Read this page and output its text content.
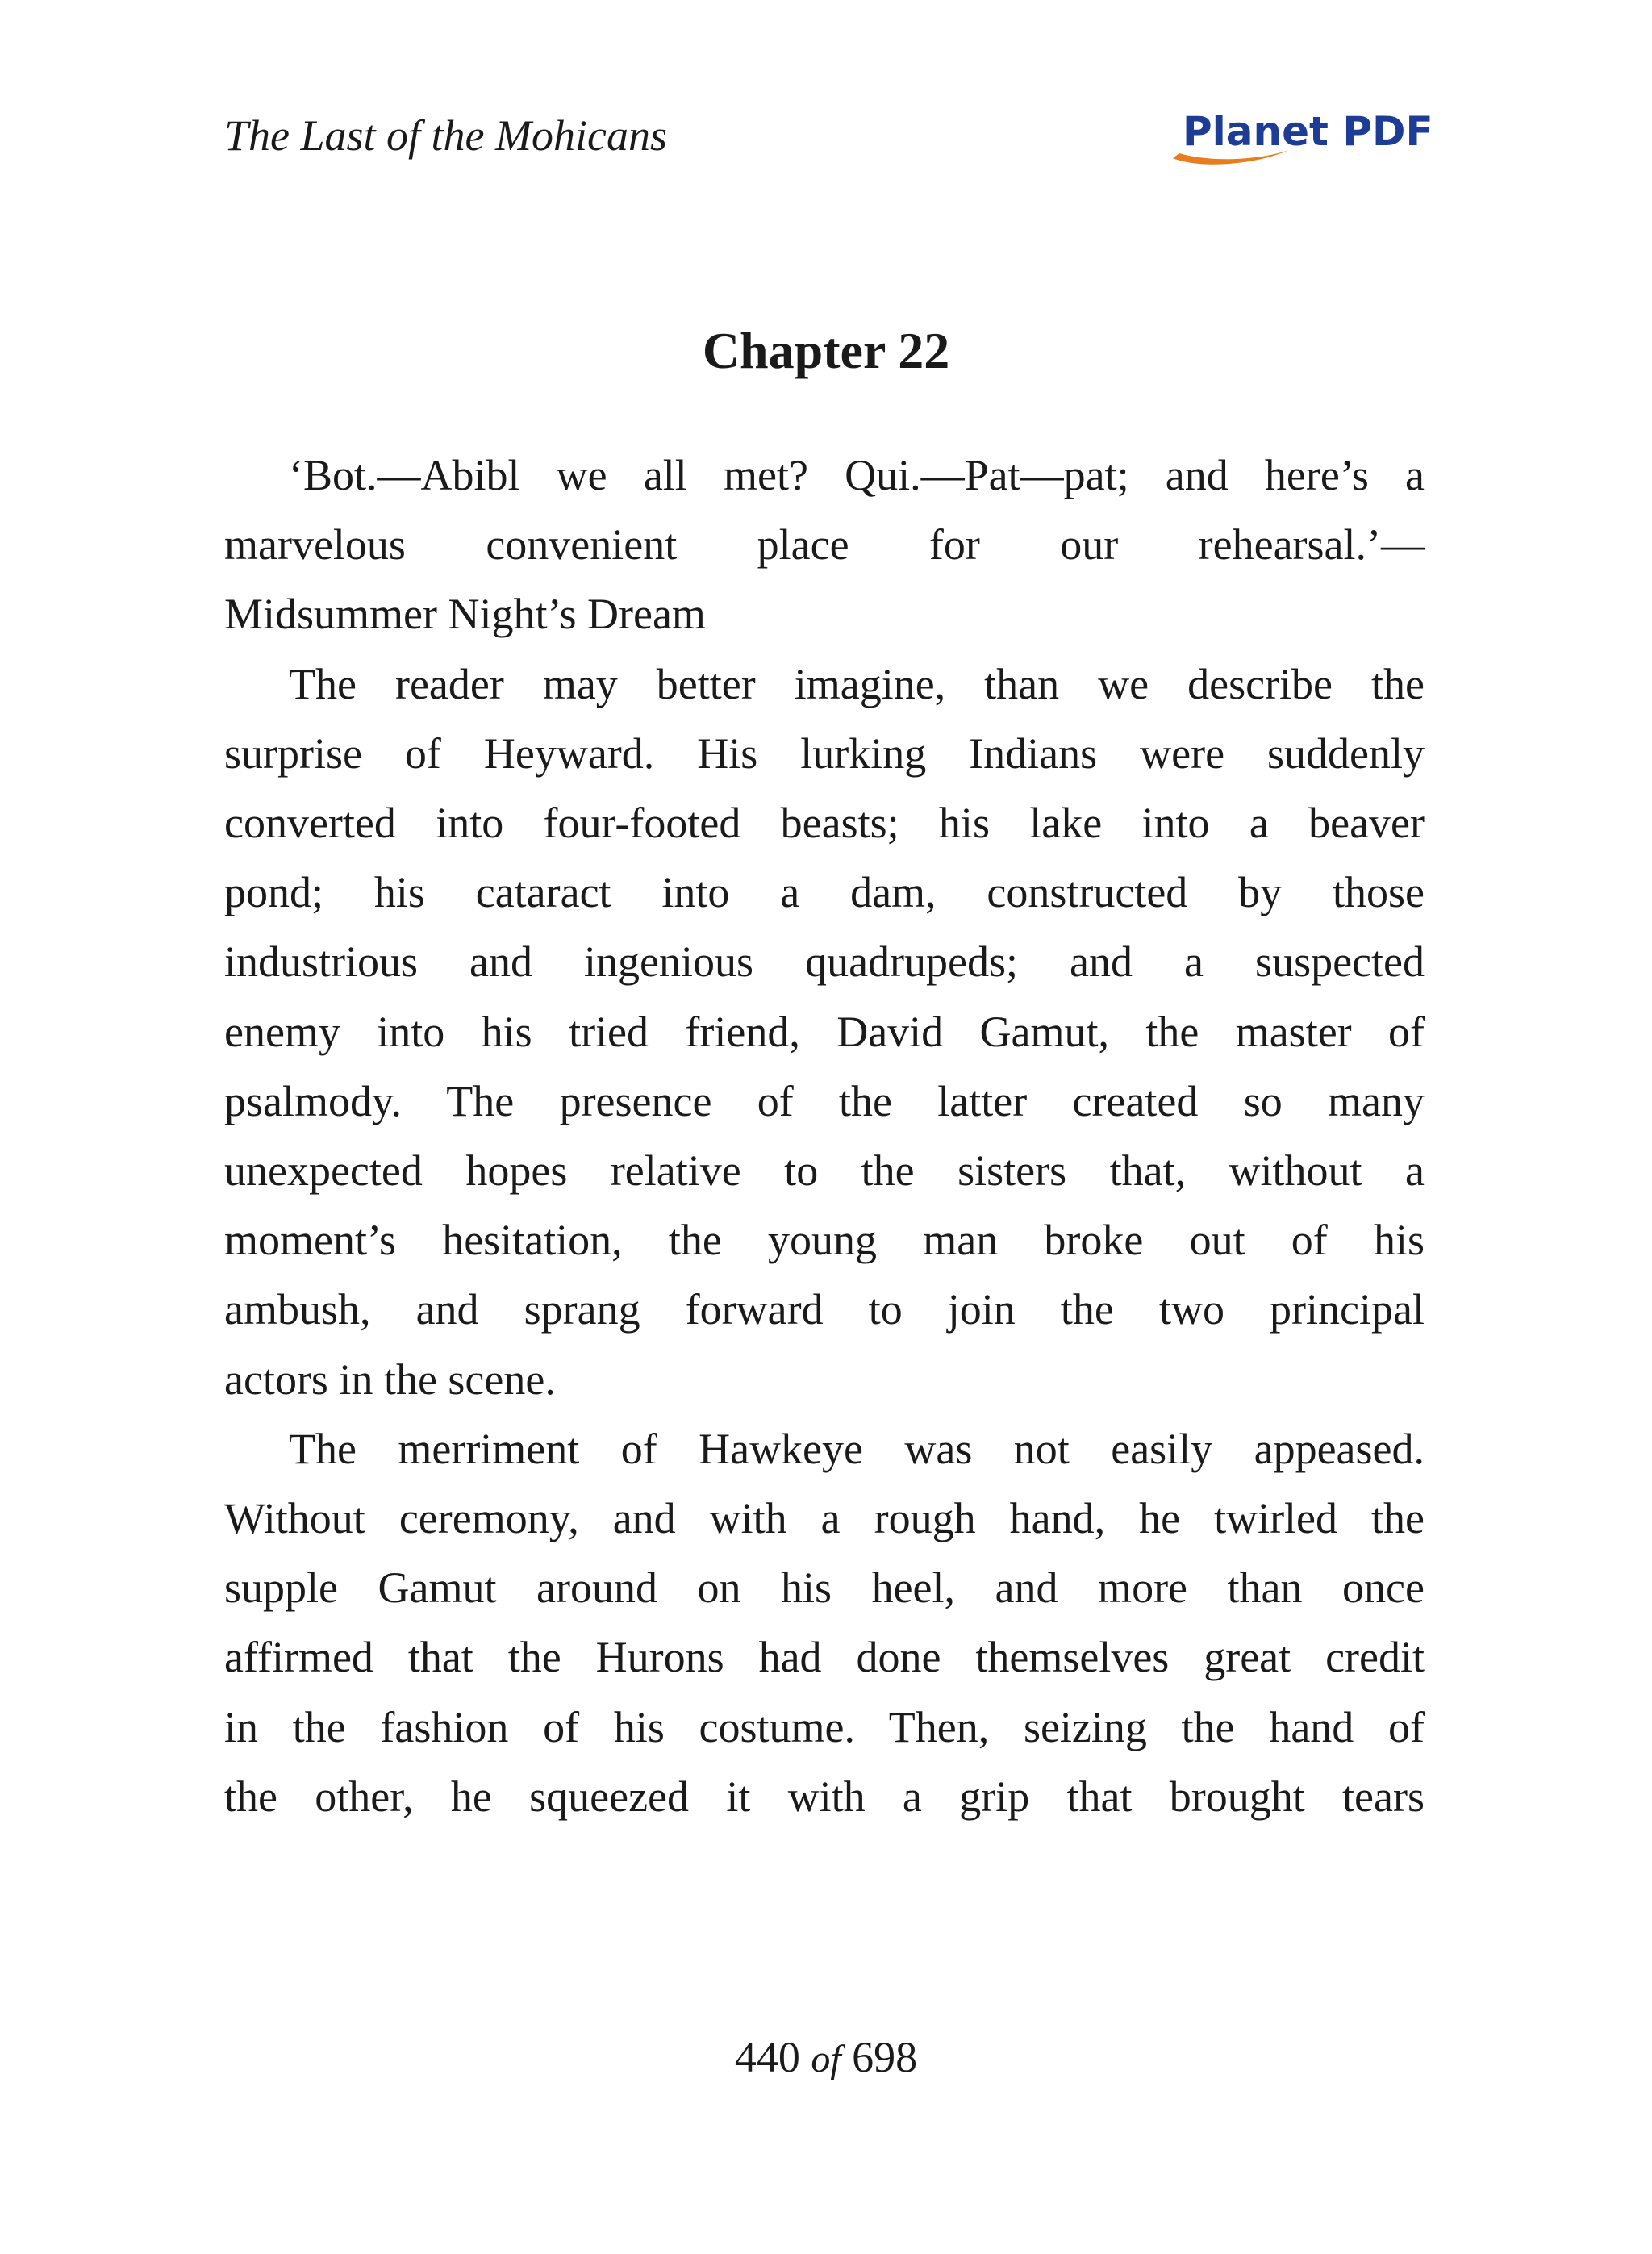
The Last of the Mohicans	Planet PDF
Chapter 22

‘Bot.—Abibl we all met? Qui.—Pat—pat; and here’s a
marvelous convenient place for our rehearsal.’—
Midsummer Night’s Dream

The reader may better imagine, than we describe the
surprise of Heyward. His lurking Indians were suddenly
converted into four-footed beasts; his lake into a beaver
pond; his cataract into a dam, constructed by those
industrious and ingenious quadrupeds; and a suspected
enemy into his tried friend, David Gamut, the master of
psalmody. The presence of the latter created so many
unexpected hopes relative to the sisters that, without a
moment’s hesitation, the young man broke out of his
ambush, and sprang forward to join the two principal
actors in the scene.

The merriment of Hawkeye was not easily appeased.
Without ceremony, and with a rough hand, he twirled the
supple Gamut around on his heel, and more than once
affirmed that the Hurons had done themselves great credit
in the fashion of his costume. Then, seizing the hand of
the other, he squeezed it with a grip that brought tears

440 of 698
